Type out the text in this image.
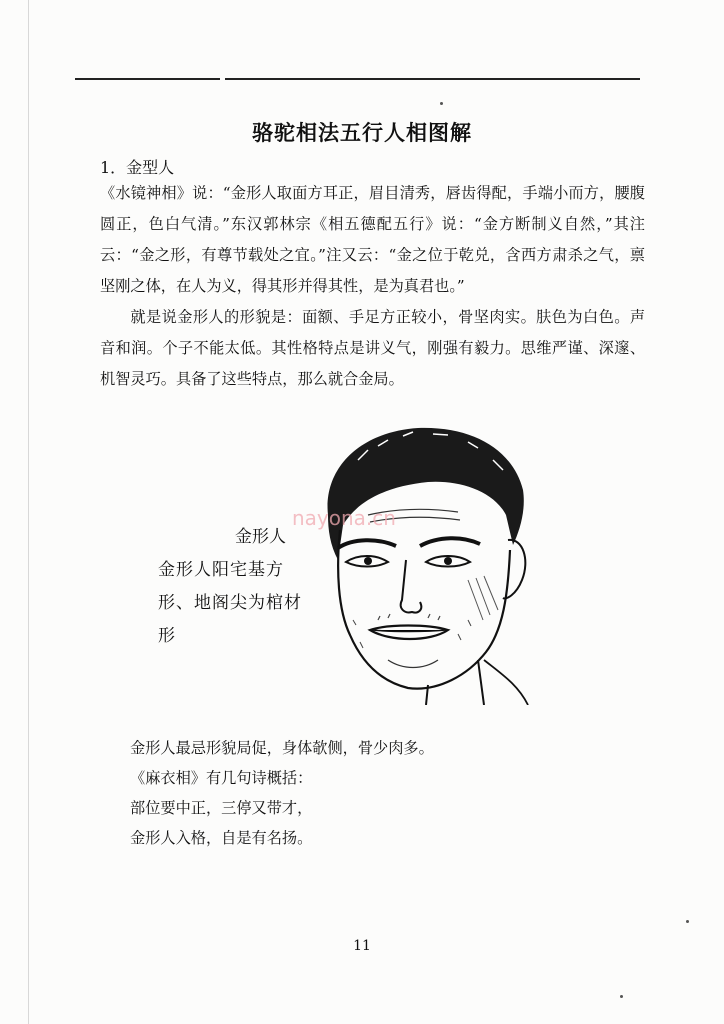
骆驼相法五行人相图解
1．金型人
《水镜神相》说：“金形人取面方耳正，眉目清秀，唇齿得配，手端小而方，腰腹圆正，色白气清。”东汉郭林宗《相五德配五行》说：“金方断制义自然，”其注云：“金之形，有尊节载处之宜。”注又云：“金之位于乾兑，含西方肃杀之气，禀坚刚之体，在人为义，得其形并得其性，是为真君也。”
就是说金形人的形貌是：面额、手足方正较小，骨坚肉实。肤色为白色。声音和润。个子不能太低。其性格特点是讲义气，刚强有毅力。思维严谨、深邃、机智灵巧。具备了这些特点，那么就合金局。
nayona.cn
金形人
金形人阳宅基方形、地阁尖为棺材形
金形人最忌形貌局促，身体欹侧，骨少肉多。
《麻衣相》有几句诗概括：
部位要中正，三停又带才，
金形人入格，自是有名扬。
11
